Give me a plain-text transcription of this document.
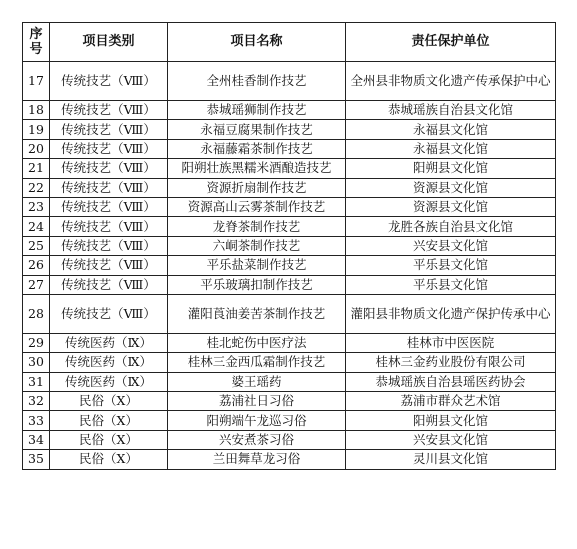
序
号	项目类别	项目名称	责任保护单位
17	传统技艺（Ⅷ）	全州桂香制作技艺	全州县非物质文化遗产传承保护中心
18	传统技艺（Ⅷ）	恭城瑶狮制作技艺	恭城瑶族自治县文化馆
19	传统技艺（Ⅷ）	永福豆腐果制作技艺	永福县文化馆
20	传统技艺（Ⅷ）	永福藤霜茶制作技艺	永福县文化馆
21	传统技艺（Ⅷ）	阳朔壮族黑糯米酒酿造技艺	阳朔县文化馆
22	传统技艺（Ⅷ）	资源折扇制作技艺	资源县文化馆
23	传统技艺（Ⅷ）	资源高山云雾茶制作技艺	资源县文化馆
24	传统技艺（Ⅷ）	龙脊茶制作技艺	龙胜各族自治县文化馆
25	传统技艺（Ⅷ）	六峒茶制作技艺	兴安县文化馆
26	传统技艺（Ⅷ）	平乐盐菜制作技艺	平乐县文化馆
27	传统技艺（Ⅷ）	平乐玻璃扣制作技艺	平乐县文化馆
28	传统技艺（Ⅷ）	灌阳莨油姜苦茶制作技艺	灌阳县非物质文化遗产保护传承中心
29	传统医药（Ⅸ）	桂北蛇伤中医疗法	桂林市中医医院
30	传统医药（Ⅸ）	桂林三金西瓜霜制作技艺	桂林三金药业股份有限公司
31	传统医药（Ⅸ）	婆王瑶药	恭城瑶族自治县瑶医药协会
32	民俗（Ⅹ）	荔浦社日习俗	荔浦市群众艺术馆
33	民俗（Ⅹ）	阳朔端午龙巡习俗	阳朔县文化馆
34	民俗（Ⅹ）	兴安煮茶习俗	兴安县文化馆
35	民俗（Ⅹ）	兰田舞草龙习俗	灵川县文化馆
